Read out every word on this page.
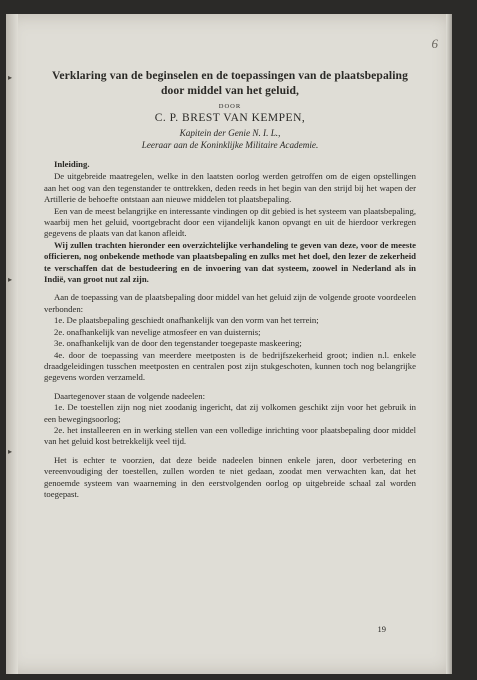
6
▸
▸
▸
Verklaring van de beginselen en de toepassingen van de plaatsbepaling door middel van het geluid,
DOOR
C. P. BREST VAN KEMPEN,

Kapitein der Genie N. I. L.,

Leeraar aan de Koninklijke Militaire Academie.

Inleiding.

De uitgebreide maatregelen, welke in den laatsten oorlog werden getroffen om de eigen opstellingen aan het oog van den tegenstander te onttrekken, deden reeds in het begin van den strijd bij het wapen der Artillerie de behoefte ontstaan aan nieuwe middelen tot plaatsbepaling.

Een van de meest belangrijke en interessante vindingen op dit gebied is het systeem van plaatsbepaling, waarbij men het geluid, voortgebracht door een vijandelijk kanon opvangt en uit de hierdoor verkregen gegevens de plaats van dat kanon afleidt.

Wij zullen trachten hieronder een overzichtelijke verhandeling te geven van deze, voor de meeste officieren, nog onbekende methode van plaatsbepaling en zulks met het doel, den lezer de zekerheid te verschaffen dat de bestudeering en de invoering van dat systeem, zoowel in Nederland als in Indië, van groot nut zal zijn.

Aan de toepassing van de plaatsbepaling door middel van het geluid zijn de volgende groote voordeelen verbonden:

1e. De plaatsbepaling geschiedt onafhankelijk van den vorm van het terrein;

2e. onafhankelijk van nevelige atmosfeer en van duisternis;

3e. onafhankelijk van de door den tegenstander toegepaste maskeering;

4e. door de toepassing van meerdere meetposten is de bedrijfszekerheid groot; indien n.l. enkele draadgeleidingen tusschen meetposten en centralen post zijn stukgeschoten, kunnen toch nog belangrijke gegevens worden verzameld.

Daartegenover staan de volgende nadeelen:

1e. De toestellen zijn nog niet zoodanig ingericht, dat zij volkomen geschikt zijn voor het gebruik in een bewegingsoorlog;

2e. het installeeren en in werking stellen van een volledige inrichting voor plaatsbepaling door middel van het geluid kost betrekkelijk veel tijd.

Het is echter te voorzien, dat deze beide nadeelen binnen enkele jaren, door verbetering en vereenvoudiging der toestellen, zullen worden te niet gedaan, zoodat men verwachten kan, dat het genoemde systeem van waarneming in den eerstvolgenden oorlog op uitgebreide schaal zal worden toegepast.

19
